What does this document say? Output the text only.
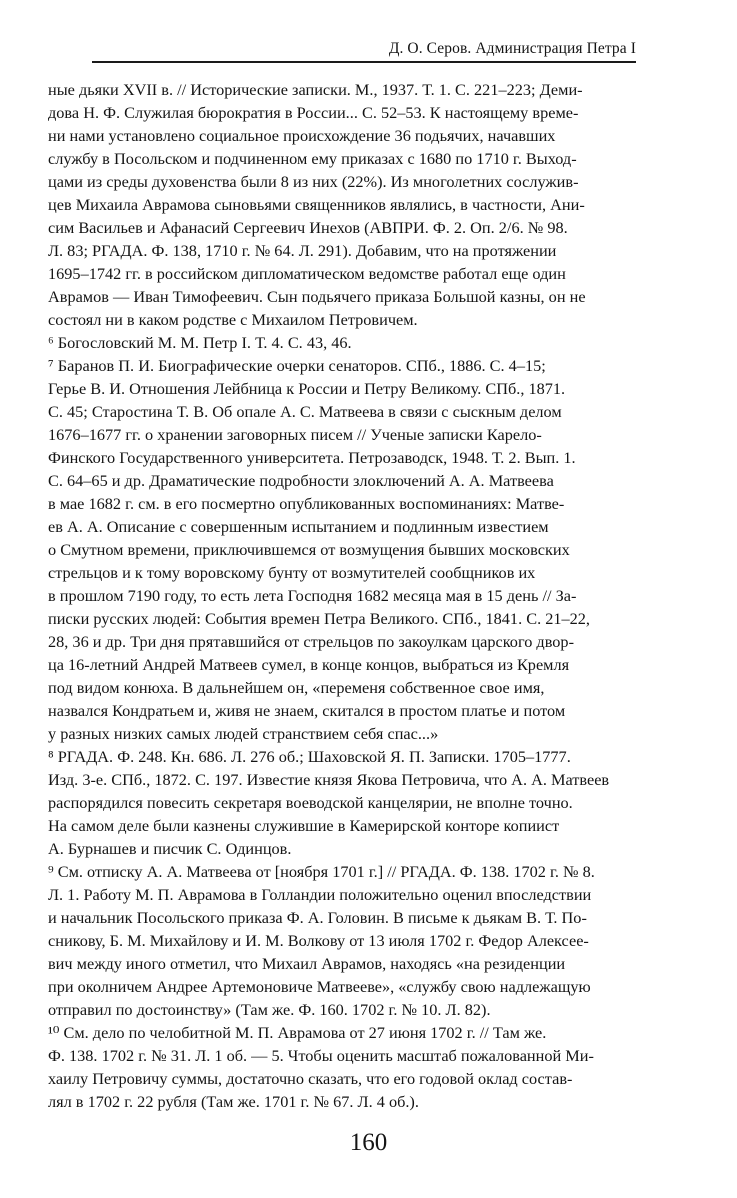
Д. О. Серов. Администрация Петра I
ные дьяки XVII в. // Исторические записки. М., 1937. Т. 1. С. 221–223; Деми-
дова Н. Ф. Служилая бюрократия в России... С. 52–53. К настоящему време-
ни нами установлено социальное происхождение 36 подьячих, начавших
службу в Посольском и подчиненном ему приказах с 1680 по 1710 г. Выход-
цами из среды духовенства были 8 из них (22%). Из многолетних сослужив-
цев Михаила Аврамова сыновьями священников являлись, в частности, Ани-
сим Васильев и Афанасий Сергеевич Инехов (АВПРИ. Ф. 2. Оп. 2/6. № 98.
Л. 83; РГАДА. Ф. 138, 1710 г. № 64. Л. 291). Добавим, что на протяжении
1695–1742 гг. в российском дипломатическом ведомстве работал еще один
Аврамов — Иван Тимофеевич. Сын подьячего приказа Большой казны, он не
состоял ни в каком родстве с Михаилом Петровичем.
⁶ Богословский М. М. Петр I. Т. 4. С. 43, 46.
⁷ Баранов П. И. Биографические очерки сенаторов. СПб., 1886. С. 4–15;
Герье В. И. Отношения Лейбница к России и Петру Великому. СПб., 1871.
С. 45; Старостина Т. В. Об опале А. С. Матвеева в связи с сыскным делом
1676–1677 гг. о хранении заговорных писем // Ученые записки Карело-
Финского Государственного университета. Петрозаводск, 1948. Т. 2. Вып. 1.
С. 64–65 и др. Драматические подробности злоключений А. А. Матвеева
в мае 1682 г. см. в его посмертно опубликованных воспоминаниях: Матве-
ев А. А. Описание с совершенным испытанием и подлинным известием
о Смутном времени, приключившемся от возмущения бывших московских
стрельцов и к тому воровскому бунту от возмутителей сообщников их
в прошлом 7190 году, то есть лета Господня 1682 месяца мая в 15 день // За-
писки русских людей: События времен Петра Великого. СПб., 1841. С. 21–22,
28, 36 и др. Три дня прятавшийся от стрельцов по закоулкам царского двор-
ца 16-летний Андрей Матвеев сумел, в конце концов, выбраться из Кремля
под видом конюха. В дальнейшем он, «переменя собственное свое имя,
назвался Кондратьем и, живя не знаем, скитался в простом платье и потом
у разных низких самых людей странствием себя спас...»
⁸ РГАДА. Ф. 248. Кн. 686. Л. 276 об.; Шаховской Я. П. Записки. 1705–1777.
Изд. 3-е. СПб., 1872. С. 197. Известие князя Якова Петровича, что А. А. Матвеев
распорядился повесить секретаря воеводской канцелярии, не вполне точно.
На самом деле были казнены служившие в Камерирской конторе копиист
А. Бурнашев и писчик С. Одинцов.
⁹ См. отписку А. А. Матвеева от [ноября 1701 г.] // РГАДА. Ф. 138. 1702 г. № 8.
Л. 1. Работу М. П. Аврамова в Голландии положительно оценил впоследствии
и начальник Посольского приказа Ф. А. Головин. В письме к дьякам В. Т. По-
сникову, Б. М. Михайлову и И. М. Волкову от 13 июля 1702 г. Федор Алексее-
вич между иного отметил, что Михаил Аврамов, находясь «на резиденции
при околничем Андрее Артемоновиче Матвееве», «службу свою надлежащую
отправил по достоинству» (Там же. Ф. 160. 1702 г. № 10. Л. 82).
¹⁰ См. дело по челобитной М. П. Аврамова от 27 июня 1702 г. // Там же.
Ф. 138. 1702 г. № 31. Л. 1 об. — 5. Чтобы оценить масштаб пожалованной Ми-
хаилу Петровичу суммы, достаточно сказать, что его годовой оклад состав-
лял в 1702 г. 22 рубля (Там же. 1701 г. № 67. Л. 4 об.).
160
